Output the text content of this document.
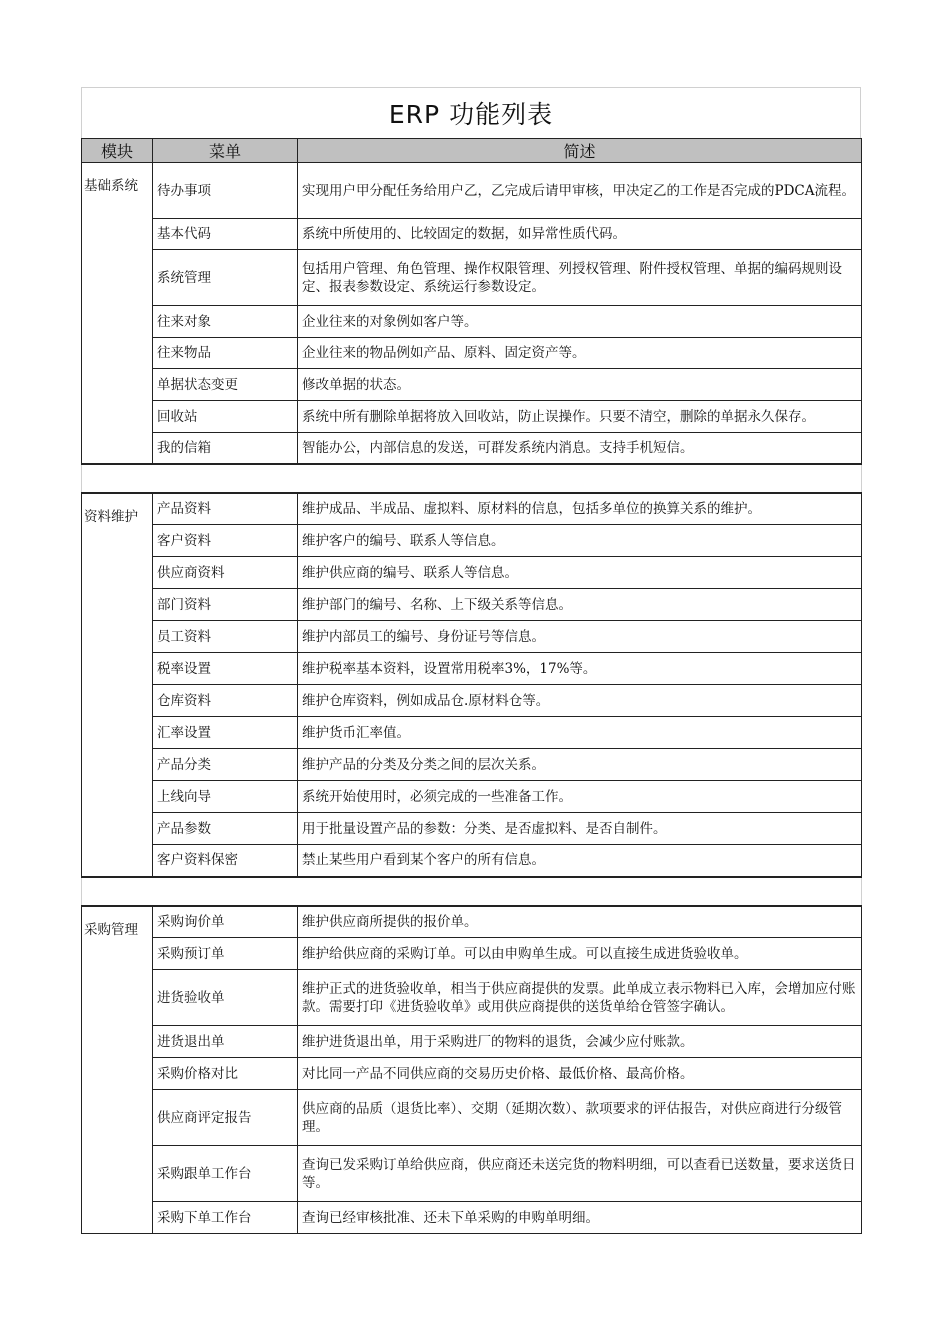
ERP 功能列表
模块	菜单	简述
基础系统	待办事项	实现用户甲分配任务给用户乙，乙完成后请甲审核，甲决定乙的工作是否完成的PDCA流程。
	基本代码	系统中所使用的、比较固定的数据，如异常性质代码。
	系统管理	包括用户管理、角色管理、操作权限管理、列授权管理、附件授权管理、单据的编码规则设定、报表参数设定、系统运行参数设定。
	往来对象	企业往来的对象例如客户等。
	往来物品	企业往来的物品例如产品、原料、固定资产等。
	单据状态变更	修改单据的状态。
	回收站	系统中所有删除单据将放入回收站，防止误操作。只要不清空，删除的单据永久保存。
	我的信箱	智能办公，内部信息的发送，可群发系统内消息。支持手机短信。

资料维护	产品资料	维护成品、半成品、虚拟料、原材料的信息，包括多单位的换算关系的维护。
	客户资料	维护客户的编号、联系人等信息。
	供应商资料	维护供应商的编号、联系人等信息。
	部门资料	维护部门的编号、名称、上下级关系等信息。
	员工资料	维护内部员工的编号、身份证号等信息。
	税率设置	维护税率基本资料，设置常用税率3%，17%等。
	仓库资料	维护仓库资料，例如成品仓.原材料仓等。
	汇率设置	维护货币汇率值。
	产品分类	维护产品的分类及分类之间的层次关系。
	上线向导	系统开始使用时，必须完成的一些准备工作。
	产品参数	用于批量设置产品的参数：分类、是否虚拟料、是否自制件。
	客户资料保密	禁止某些用户看到某个客户的所有信息。

采购管理	采购询价单	维护供应商所提供的报价单。
	采购预订单	维护给供应商的采购订单。可以由申购单生成。可以直接生成进货验收单。
	进货验收单	维护正式的进货验收单，相当于供应商提供的发票。此单成立表示物料已入库，会增加应付账款。需要打印《进货验收单》或用供应商提供的送货单给仓管签字确认。
	进货退出单	维护进货退出单，用于采购进厂的物料的退货，会减少应付账款。
	采购价格对比	对比同一产品不同供应商的交易历史价格、最低价格、最高价格。
	供应商评定报告	供应商的品质（退货比率）、交期（延期次数）、款项要求的评估报告，对供应商进行分级管理。
	采购跟单工作台	查询已发采购订单给供应商，供应商还未送完货的物料明细，可以查看已送数量，要求送货日等。
	采购下单工作台	查询已经审核批准、还未下单采购的申购单明细。
